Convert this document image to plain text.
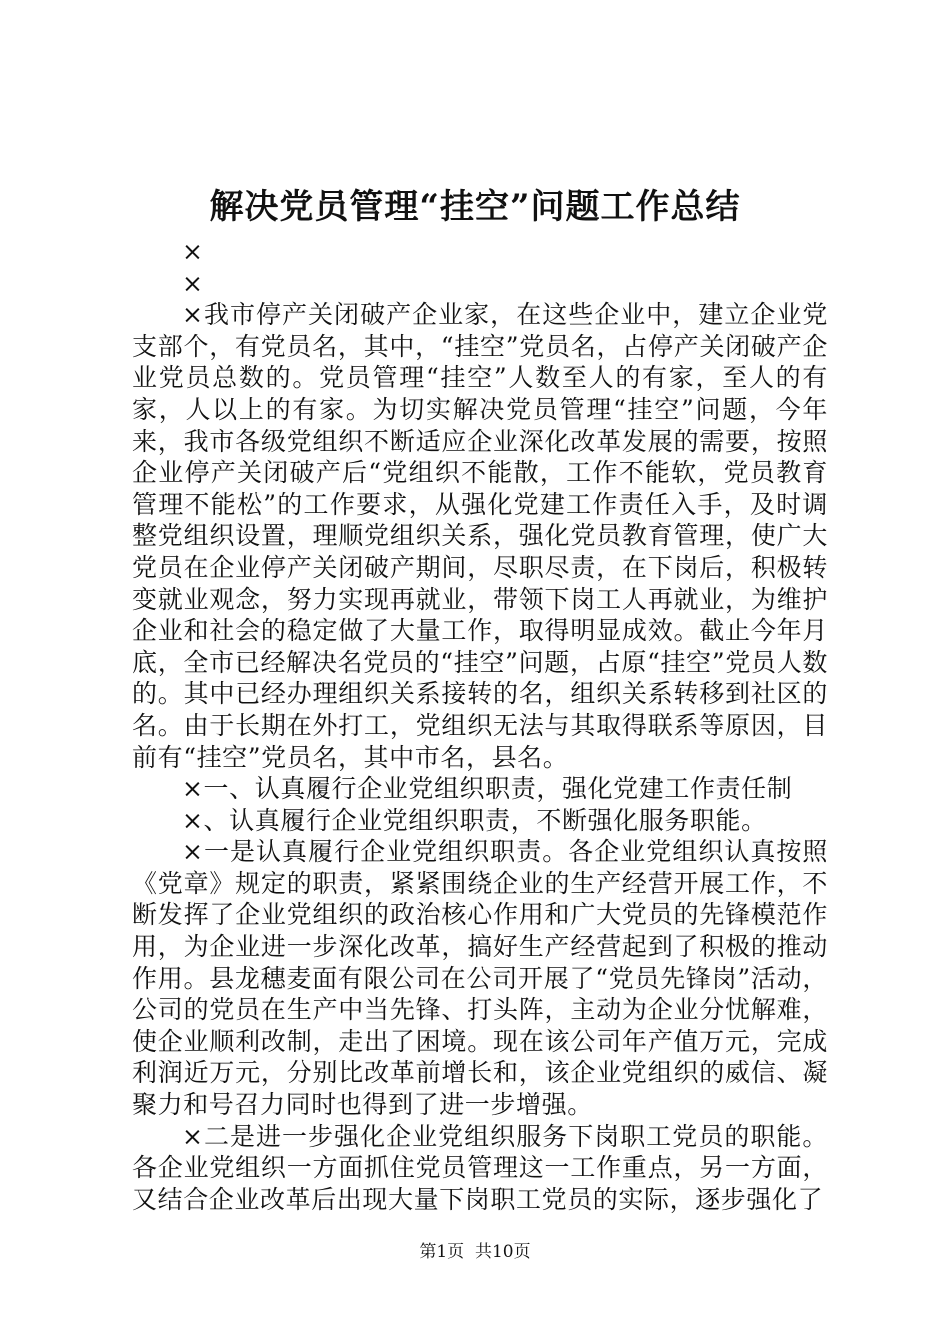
解决党员管理“挂空”问题工作总结

×

×

×我市停产关闭破产企业家，在这些企业中，建立企业党支部个，有党员名，其中，“挂空”党员名，占停产关闭破产企业党员总数的。党员管理“挂空”人数至人的有家，至人的有家，人以上的有家。为切实解决党员管理“挂空”问题，今年来，我市各级党组织不断适应企业深化改革发展的需要，按照企业停产关闭破产后“党组织不能散，工作不能软，党员教育管理不能松”的工作要求，从强化党建工作责任入手，及时调整党组织设置，理顺党组织关系，强化党员教育管理，使广大党员在企业停产关闭破产期间，尽职尽责，在下岗后，积极转变就业观念，努力实现再就业，带领下岗工人再就业，为维护企业和社会的稳定做了大量工作，取得明显成效。截止今年月底，全市已经解决名党员的“挂空”问题，占原“挂空”党员人数的。其中已经办理组织关系接转的名，组织关系转移到社区的名。由于长期在外打工，党组织无法与其取得联系等原因，目前有“挂空”党员名，其中市名，县名。

×一、认真履行企业党组织职责，强化党建工作责任制

×、认真履行企业党组织职责，不断强化服务职能。

×一是认真履行企业党组织职责。各企业党组织认真按照《党章》规定的职责，紧紧围绕企业的生产经营开展工作，不断发挥了企业党组织的政治核心作用和广大党员的先锋模范作用，为企业进一步深化改革，搞好生产经营起到了积极的推动作用。县龙穗麦面有限公司在公司开展了“党员先锋岗”活动，公司的党员在生产中当先锋、打头阵，主动为企业分忧解难，使企业顺利改制，走出了困境。现在该公司年产值万元，完成利润近万元，分别比改革前增长和，该企业党组织的威信、凝聚力和号召力同时也得到了进一步增强。

×二是进一步强化企业党组织服务下岗职工党员的职能。各企业党组织一方面抓住党员管理这一工作重点，另一方面，又结合企业改革后出现大量下岗职工党员的实际，逐步强化了

第1页  共10页
